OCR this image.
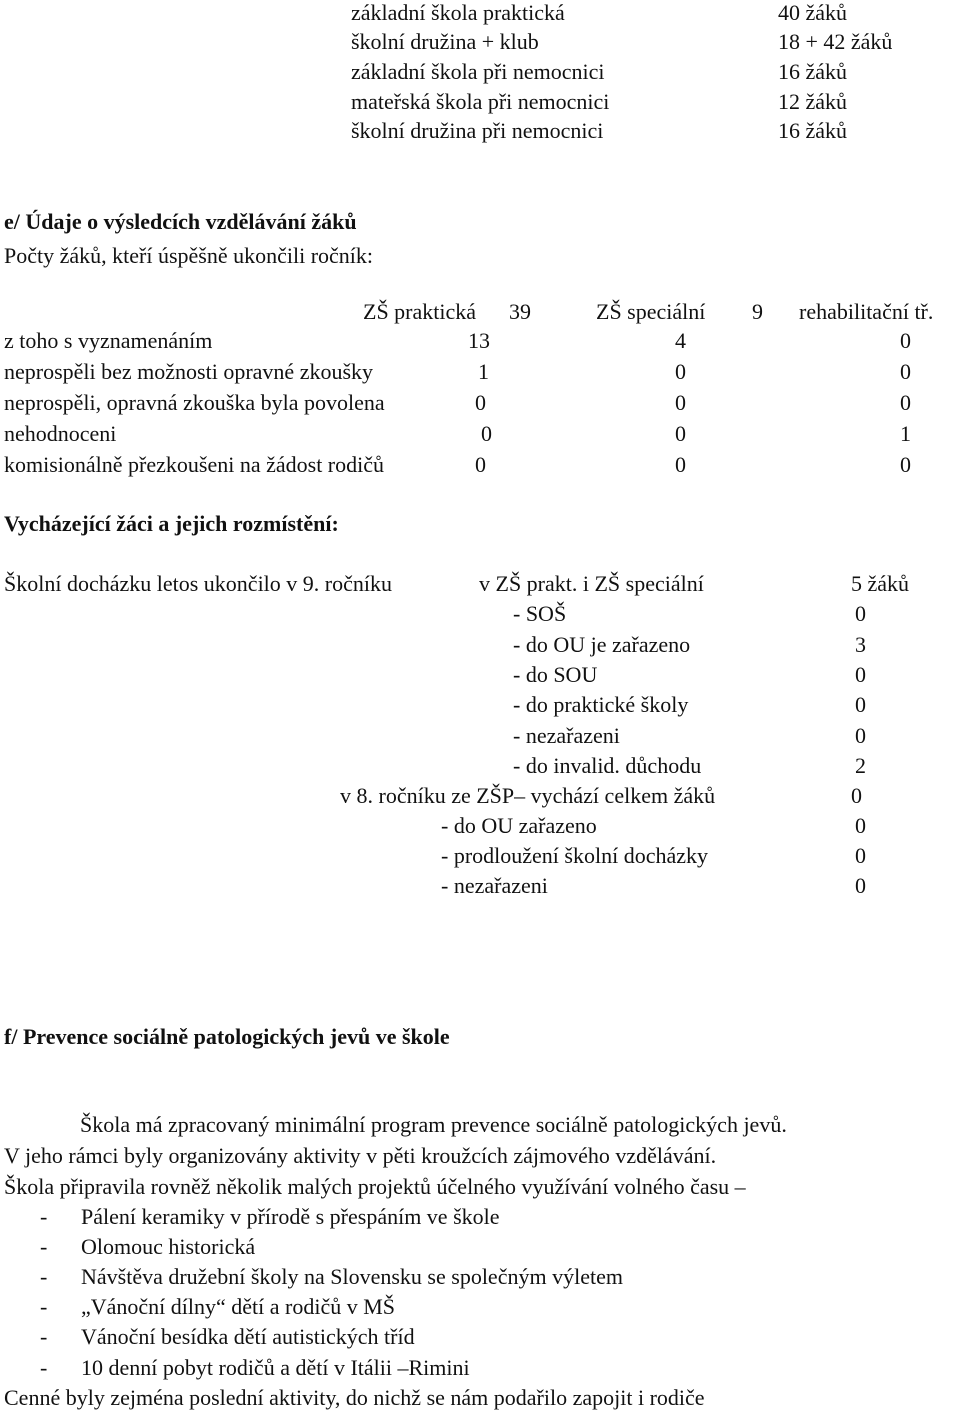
základní škola praktická	40 žáků
školní družina + klub	18 + 42 žáků
základní škola při nemocnici	16 žáků
mateřská škola při nemocnici	12 žáků
školní družina při nemocnici	16 žáků
e/ Údaje o výsledcích vzdělávání žáků
Počty žáků, kteří úspěšně ukončili ročník:
ZŠ praktická 39	ZŠ speciální 9 rehabilitační tř.
z toho s vyznamenáním	13	4	0
neprospěli bez možnosti opravné zkoušky	1	0	0
neprospěli, opravná zkouška byla povolena	0	0	0
nehodnoceni	0	0	1
komisionálně přezkoušeni na žádost rodičů	0	0	0
Vycházející žáci a jejich rozmístění:
Školní docházku letos ukončilo v 9. ročníku	v ZŠ prakt. i ZŠ speciální	5 žáků
- SOŠ	0
- do OU je zařazeno	3
- do SOU	0
- do praktické školy	0
- nezařazeni	0
- do invalid. důchodu	2
v 8. ročníku ze ZŠP– vychází celkem žáků	0
- do OU zařazeno	0
- prodloužení školní docházky	0
- nezařazeni	0
f/ Prevence sociálně patologických jevů ve škole
Škola má zpracovaný minimální program prevence sociálně patologických jevů.
V jeho rámci byly organizovány aktivity v pěti kroužcích zájmového vzdělávání.
Škola připravila rovněž několik malých projektů účelného využívání volného času –
- Pálení keramiky v přírodě s přespáním ve škole
- Olomouc historická
- Návštěva družební školy na Slovensku se společným výletem
- „Vánoční dílny“ dětí a rodičů v MŠ
- Vánoční besídka dětí autistických tříd
- 10 denní pobyt rodičů a dětí v Itálii –Rimini
Cenné byly zejména poslední aktivity, do nichž se nám podařilo zapojit i rodiče
